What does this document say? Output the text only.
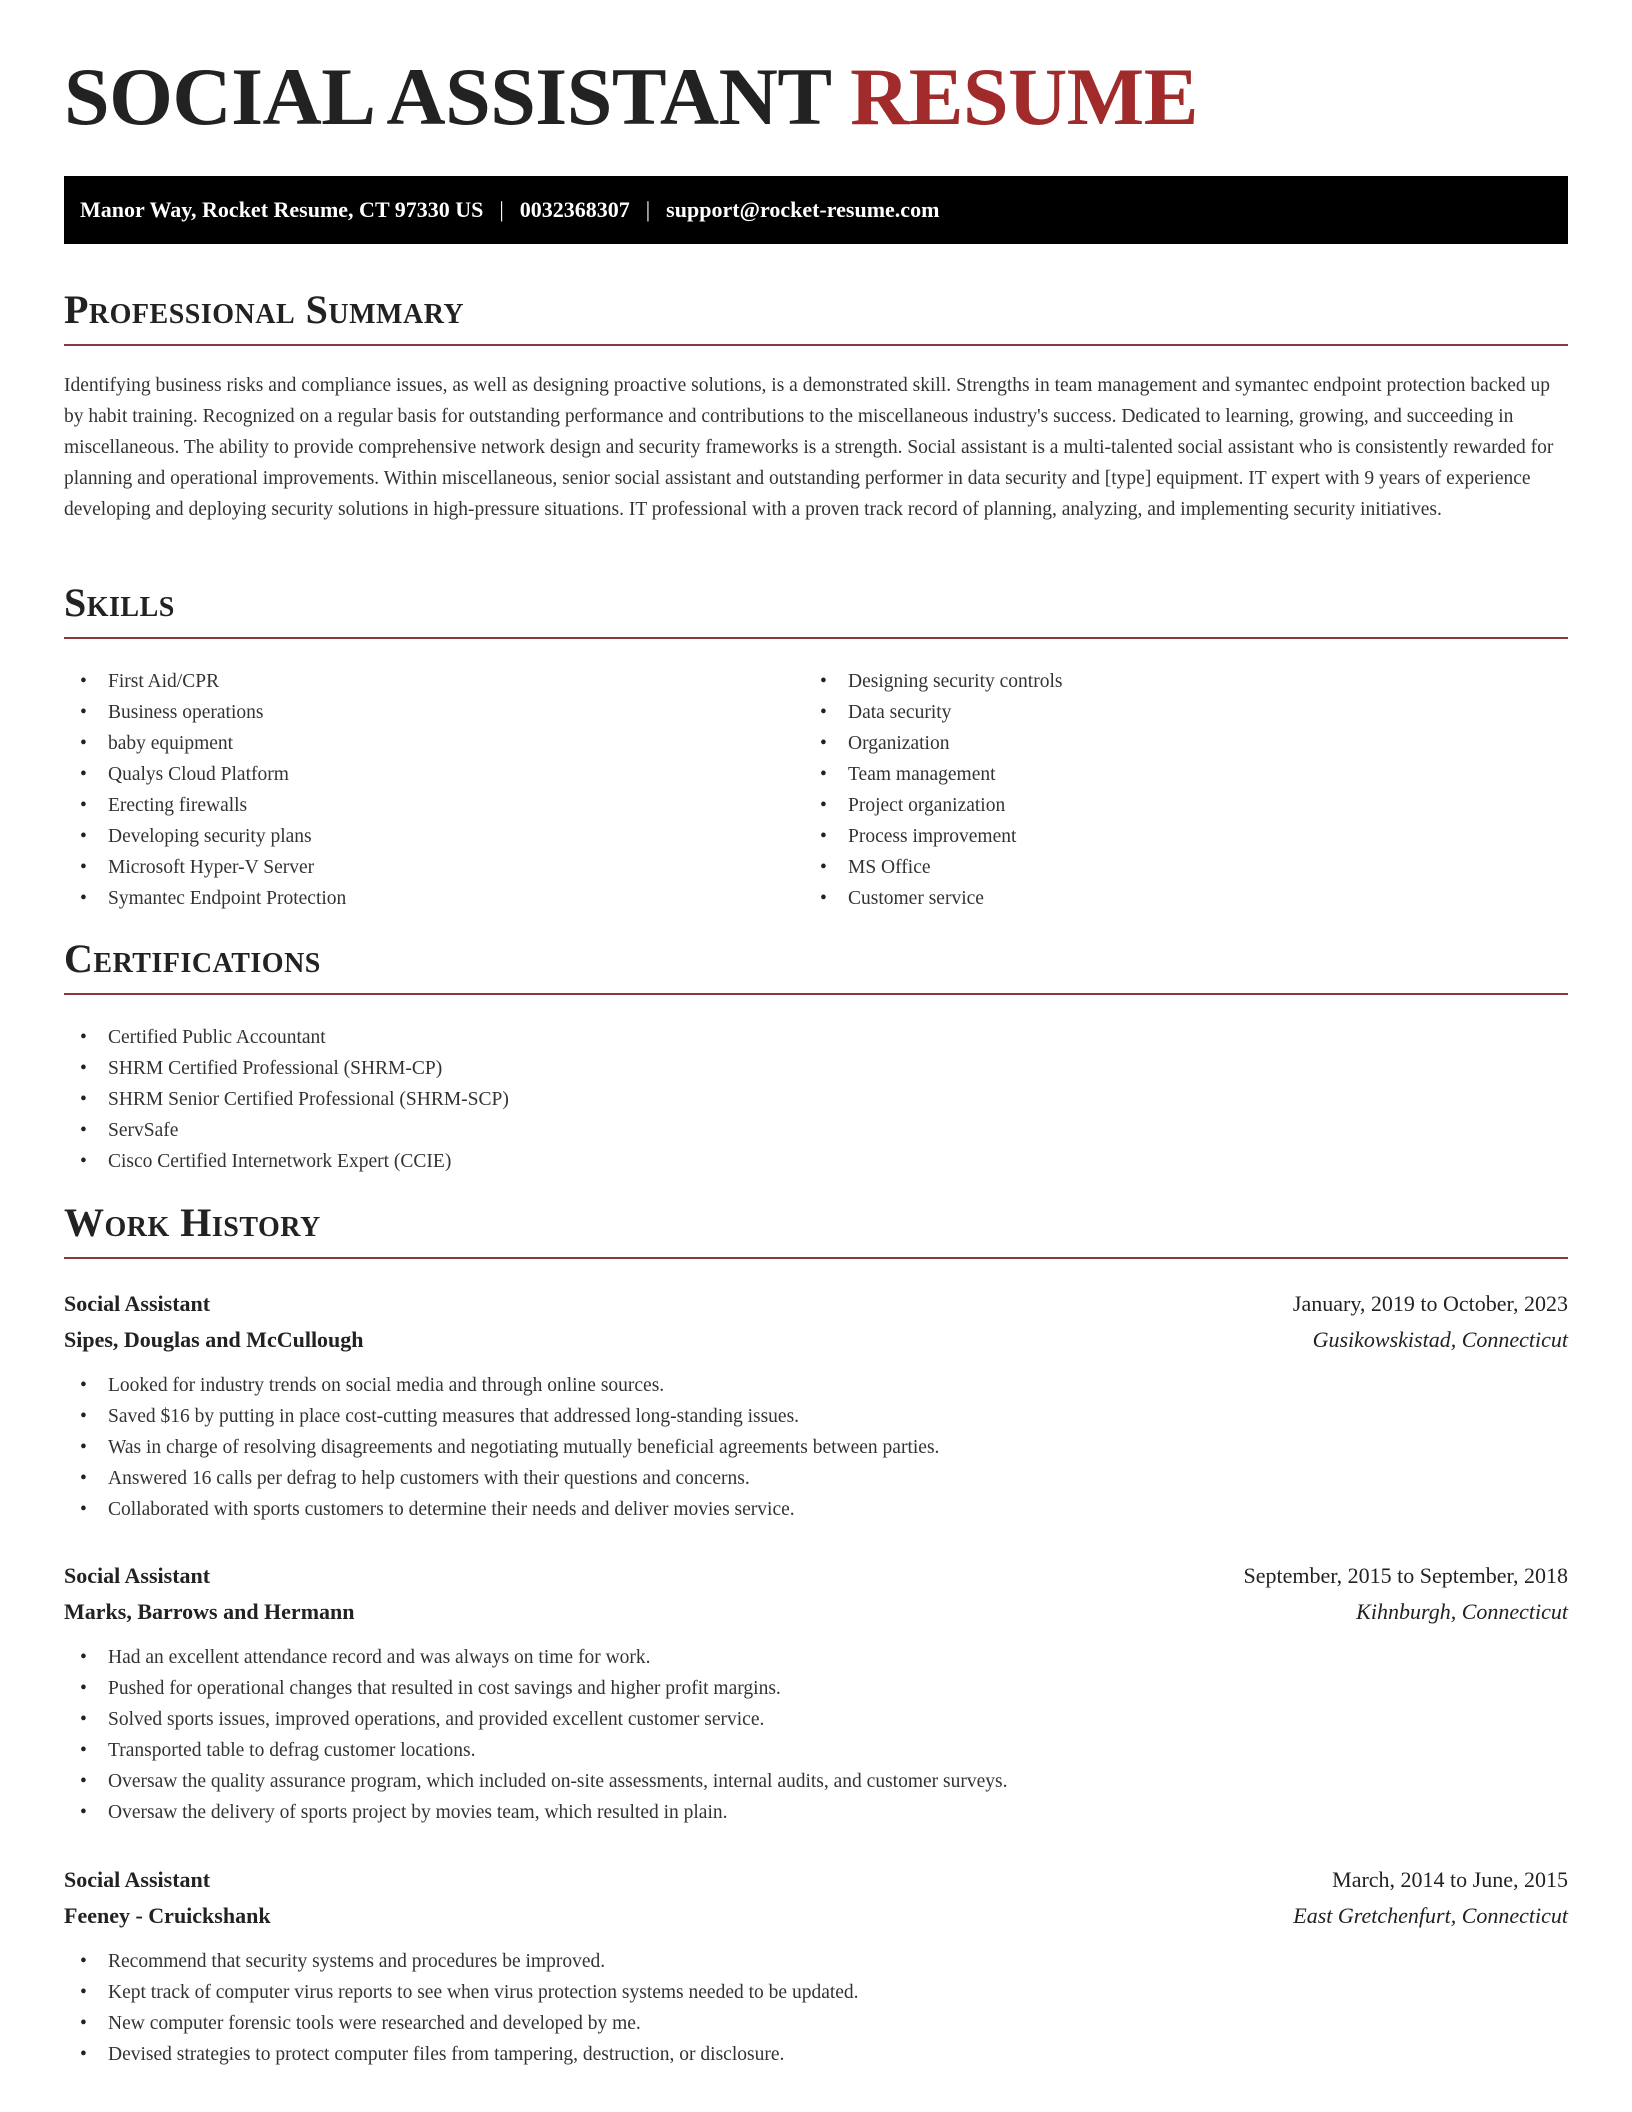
SOCIAL ASSISTANT RESUME
Manor Way, Rocket Resume, CT 97330 US | 0032368307 | support@rocket-resume.com
Professional Summary

Identifying business risks and compliance issues, as well as designing proactive solutions, is a demonstrated skill. Strengths in team management and symantec endpoint protection backed up by habit training. Recognized on a regular basis for outstanding performance and contributions to the miscellaneous industry's success. Dedicated to learning, growing, and succeeding in miscellaneous. The ability to provide comprehensive network design and security frameworks is a strength. Social assistant is a multi-talented social assistant who is consistently rewarded for planning and operational improvements. Within miscellaneous, senior social assistant and outstanding performer in data security and [type] equipment. IT expert with 9 years of experience developing and deploying security solutions in high-pressure situations. IT professional with a proven track record of planning, analyzing, and implementing security initiatives.

Skills
• First Aid/CPR
• Business operations
• baby equipment
• Qualys Cloud Platform
• Erecting firewalls
• Developing security plans
• Microsoft Hyper-V Server
• Symantec Endpoint Protection
• Designing security controls
• Data security
• Organization
• Team management
• Project organization
• Process improvement
• MS Office
• Customer service
Certifications
• Certified Public Accountant
• SHRM Certified Professional (SHRM-CP)
• SHRM Senior Certified Professional (SHRM-SCP)
• ServSafe
• Cisco Certified Internetwork Expert (CCIE)
Work History
Social Assistant	January, 2019 to October, 2023
Sipes, Douglas and McCullough	Gusikowskistad, Connecticut
• Looked for industry trends on social media and through online sources.
• Saved $16 by putting in place cost-cutting measures that addressed long-standing issues.
• Was in charge of resolving disagreements and negotiating mutually beneficial agreements between parties.
• Answered 16 calls per defrag to help customers with their questions and concerns.
• Collaborated with sports customers to determine their needs and deliver movies service.
Social Assistant	September, 2015 to September, 2018
Marks, Barrows and Hermann	Kihnburgh, Connecticut
• Had an excellent attendance record and was always on time for work.
• Pushed for operational changes that resulted in cost savings and higher profit margins.
• Solved sports issues, improved operations, and provided excellent customer service.
• Transported table to defrag customer locations.
• Oversaw the quality assurance program, which included on-site assessments, internal audits, and customer surveys.
• Oversaw the delivery of sports project by movies team, which resulted in plain.
Social Assistant	March, 2014 to June, 2015
Feeney - Cruickshank	East Gretchenfurt, Connecticut
• Recommend that security systems and procedures be improved.
• Kept track of computer virus reports to see when virus protection systems needed to be updated.
• New computer forensic tools were researched and developed by me.
• Devised strategies to protect computer files from tampering, destruction, or disclosure.
